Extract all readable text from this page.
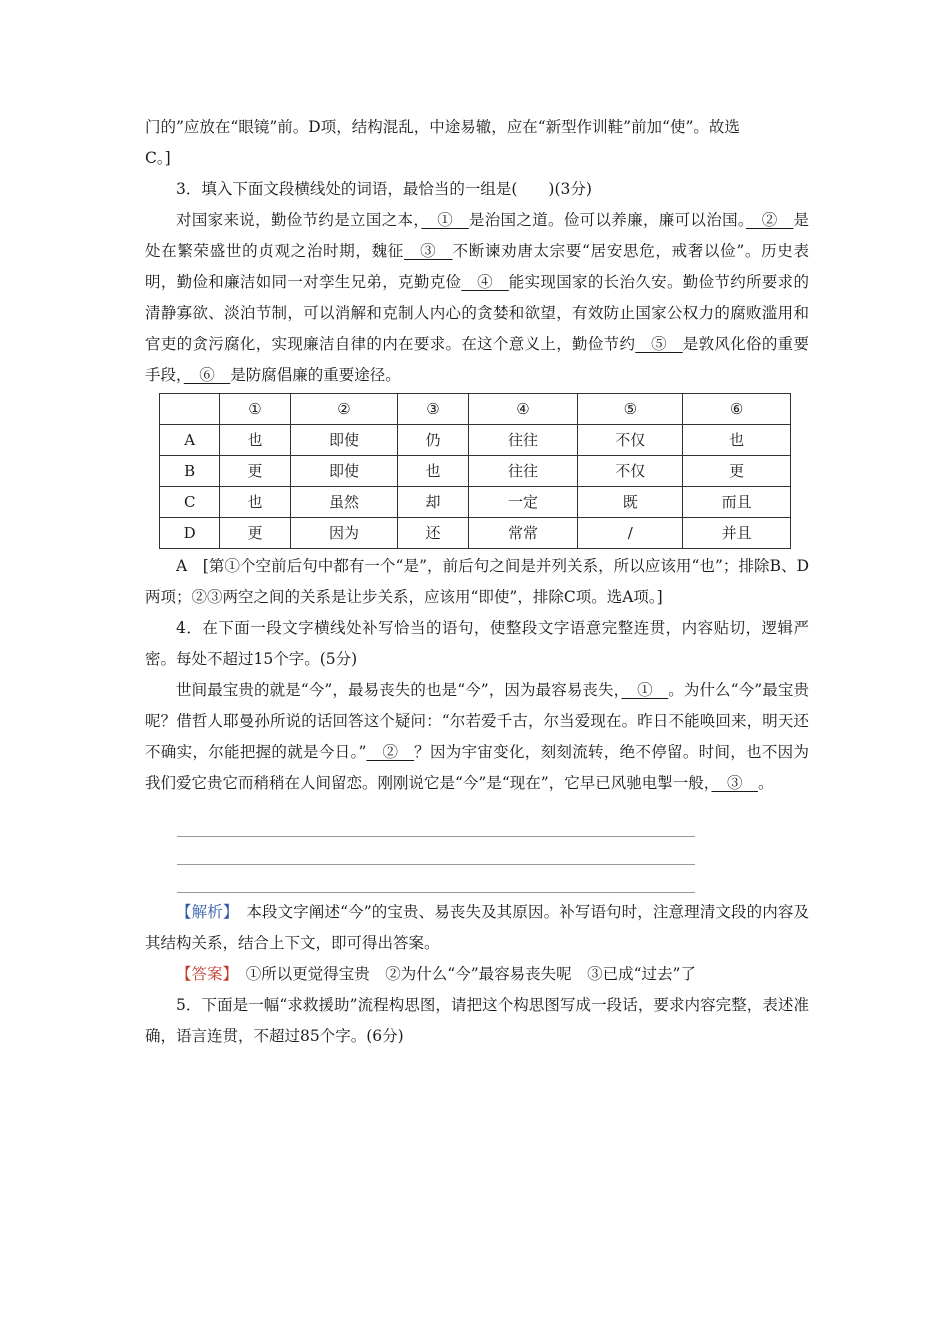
门的”应放在“眼镜”前。D项，结构混乱，中途易辙，应在“新型作训鞋”前加“使”。故选
C。]

3．填入下面文段横线处的词语，最恰当的一组是(　　)(3分)

对国家来说，勤俭节约是立国之本，　①　是治国之道。俭可以养廉，廉可以治国。　②　是处在繁荣盛世的贞观之治时期，魏征　③　不断谏劝唐太宗要“居安思危，戒奢以俭”。历史表明，勤俭和廉洁如同一对孪生兄弟，克勤克俭　④　能实现国家的长治久安。勤俭节约所要求的清静寡欲、淡泊节制，可以消解和克制人内心的贪婪和欲望，有效防止国家公权力的腐败滥用和官吏的贪污腐化，实现廉洁自律的内在要求。在这个意义上，勤俭节约　⑤　是敦风化俗的重要手段，　⑥　是防腐倡廉的重要途径。

	①	②	③	④	⑤	⑥
A	也	即使	仍	往往	不仅	也
B	更	即使	也	往往	不仅	更
C	也	虽然	却	一定	既	而且
D	更	因为	还	常常	/	并且

A　[第①个空前后句中都有一个“是”，前后句之间是并列关系，所以应该用“也”；排除B、D两项；②③两空之间的关系是让步关系，应该用“即使”，排除C项。选A项。]

4．在下面一段文字横线处补写恰当的语句，使整段文字语意完整连贯，内容贴切，逻辑严密。每处不超过15个字。(5分)

世间最宝贵的就是“今”，最易丧失的也是“今”，因为最容易丧失，　①　。为什么“今”最宝贵呢？借哲人耶曼孙所说的话回答这个疑问：“尔若爱千古，尔当爱现在。昨日不能唤回来，明天还不确实，尔能把握的就是今日。”　②　？因为宇宙变化，刻刻流转，绝不停留。时间，也不因为我们爱它贵它而稍稍在人间留恋。刚刚说它是“今”是“现在”，它早已风驰电掣一般，　③　。

【解析】　本段文字阐述“今”的宝贵、易丧失及其原因。补写语句时，注意理清文段的内容及其结构关系，结合上下文，即可得出答案。

【答案】　①所以更觉得宝贵　②为什么“今”最容易丧失呢　③已成“过去”了

5．下面是一幅“求救援助”流程构思图，请把这个构思图写成一段话，要求内容完整，表述准确，语言连贯，不超过85个字。(6分)
